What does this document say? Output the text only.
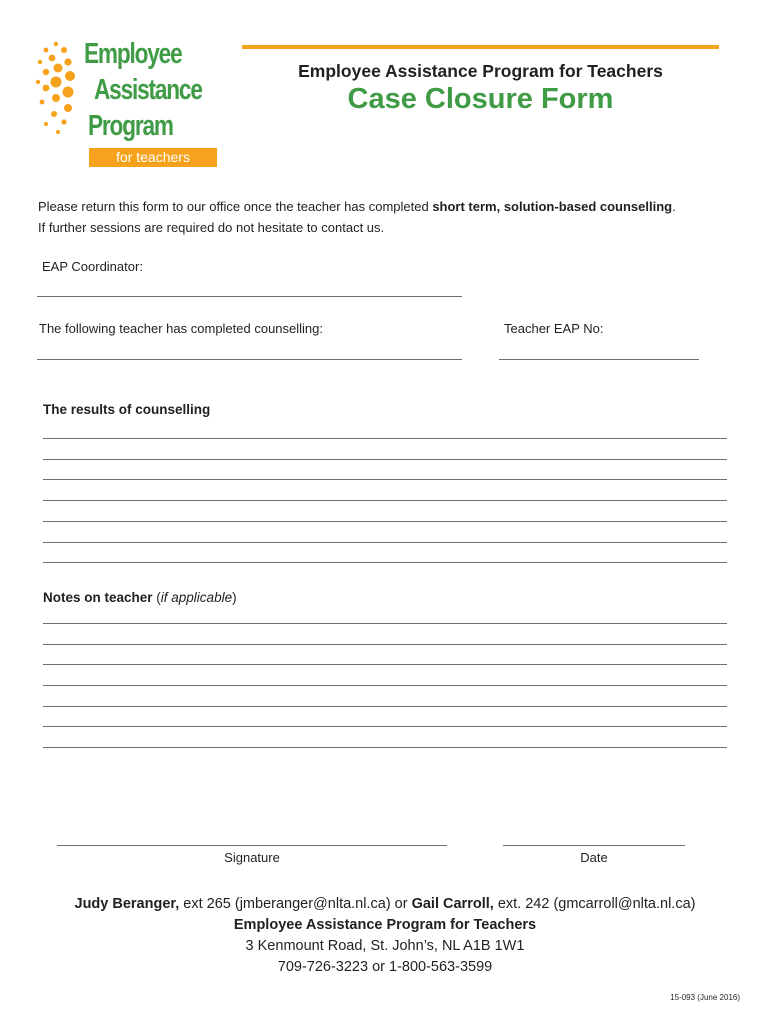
Employee
Assistance
Program
for teachers
Employee Assistance Program for Teachers
Case Closure Form
Please return this form to our office once the teacher has completed short term, solution-based counselling.
If further sessions are required do not hesitate to contact us.
EAP Coordinator:
The following teacher has completed counselling:	Teacher EAP No:
The results of counselling
Notes on teacher (if applicable)
Signature	Date
Judy Beranger, ext 265 (jmberanger@nlta.nl.ca) or Gail Carroll, ext. 242 (gmcarroll@nlta.nl.ca)
Employee Assistance Program for Teachers
3 Kenmount Road, St. John’s, NL A1B 1W1
709-726-3223 or 1-800-563-3599
15-093 (June 2016)
